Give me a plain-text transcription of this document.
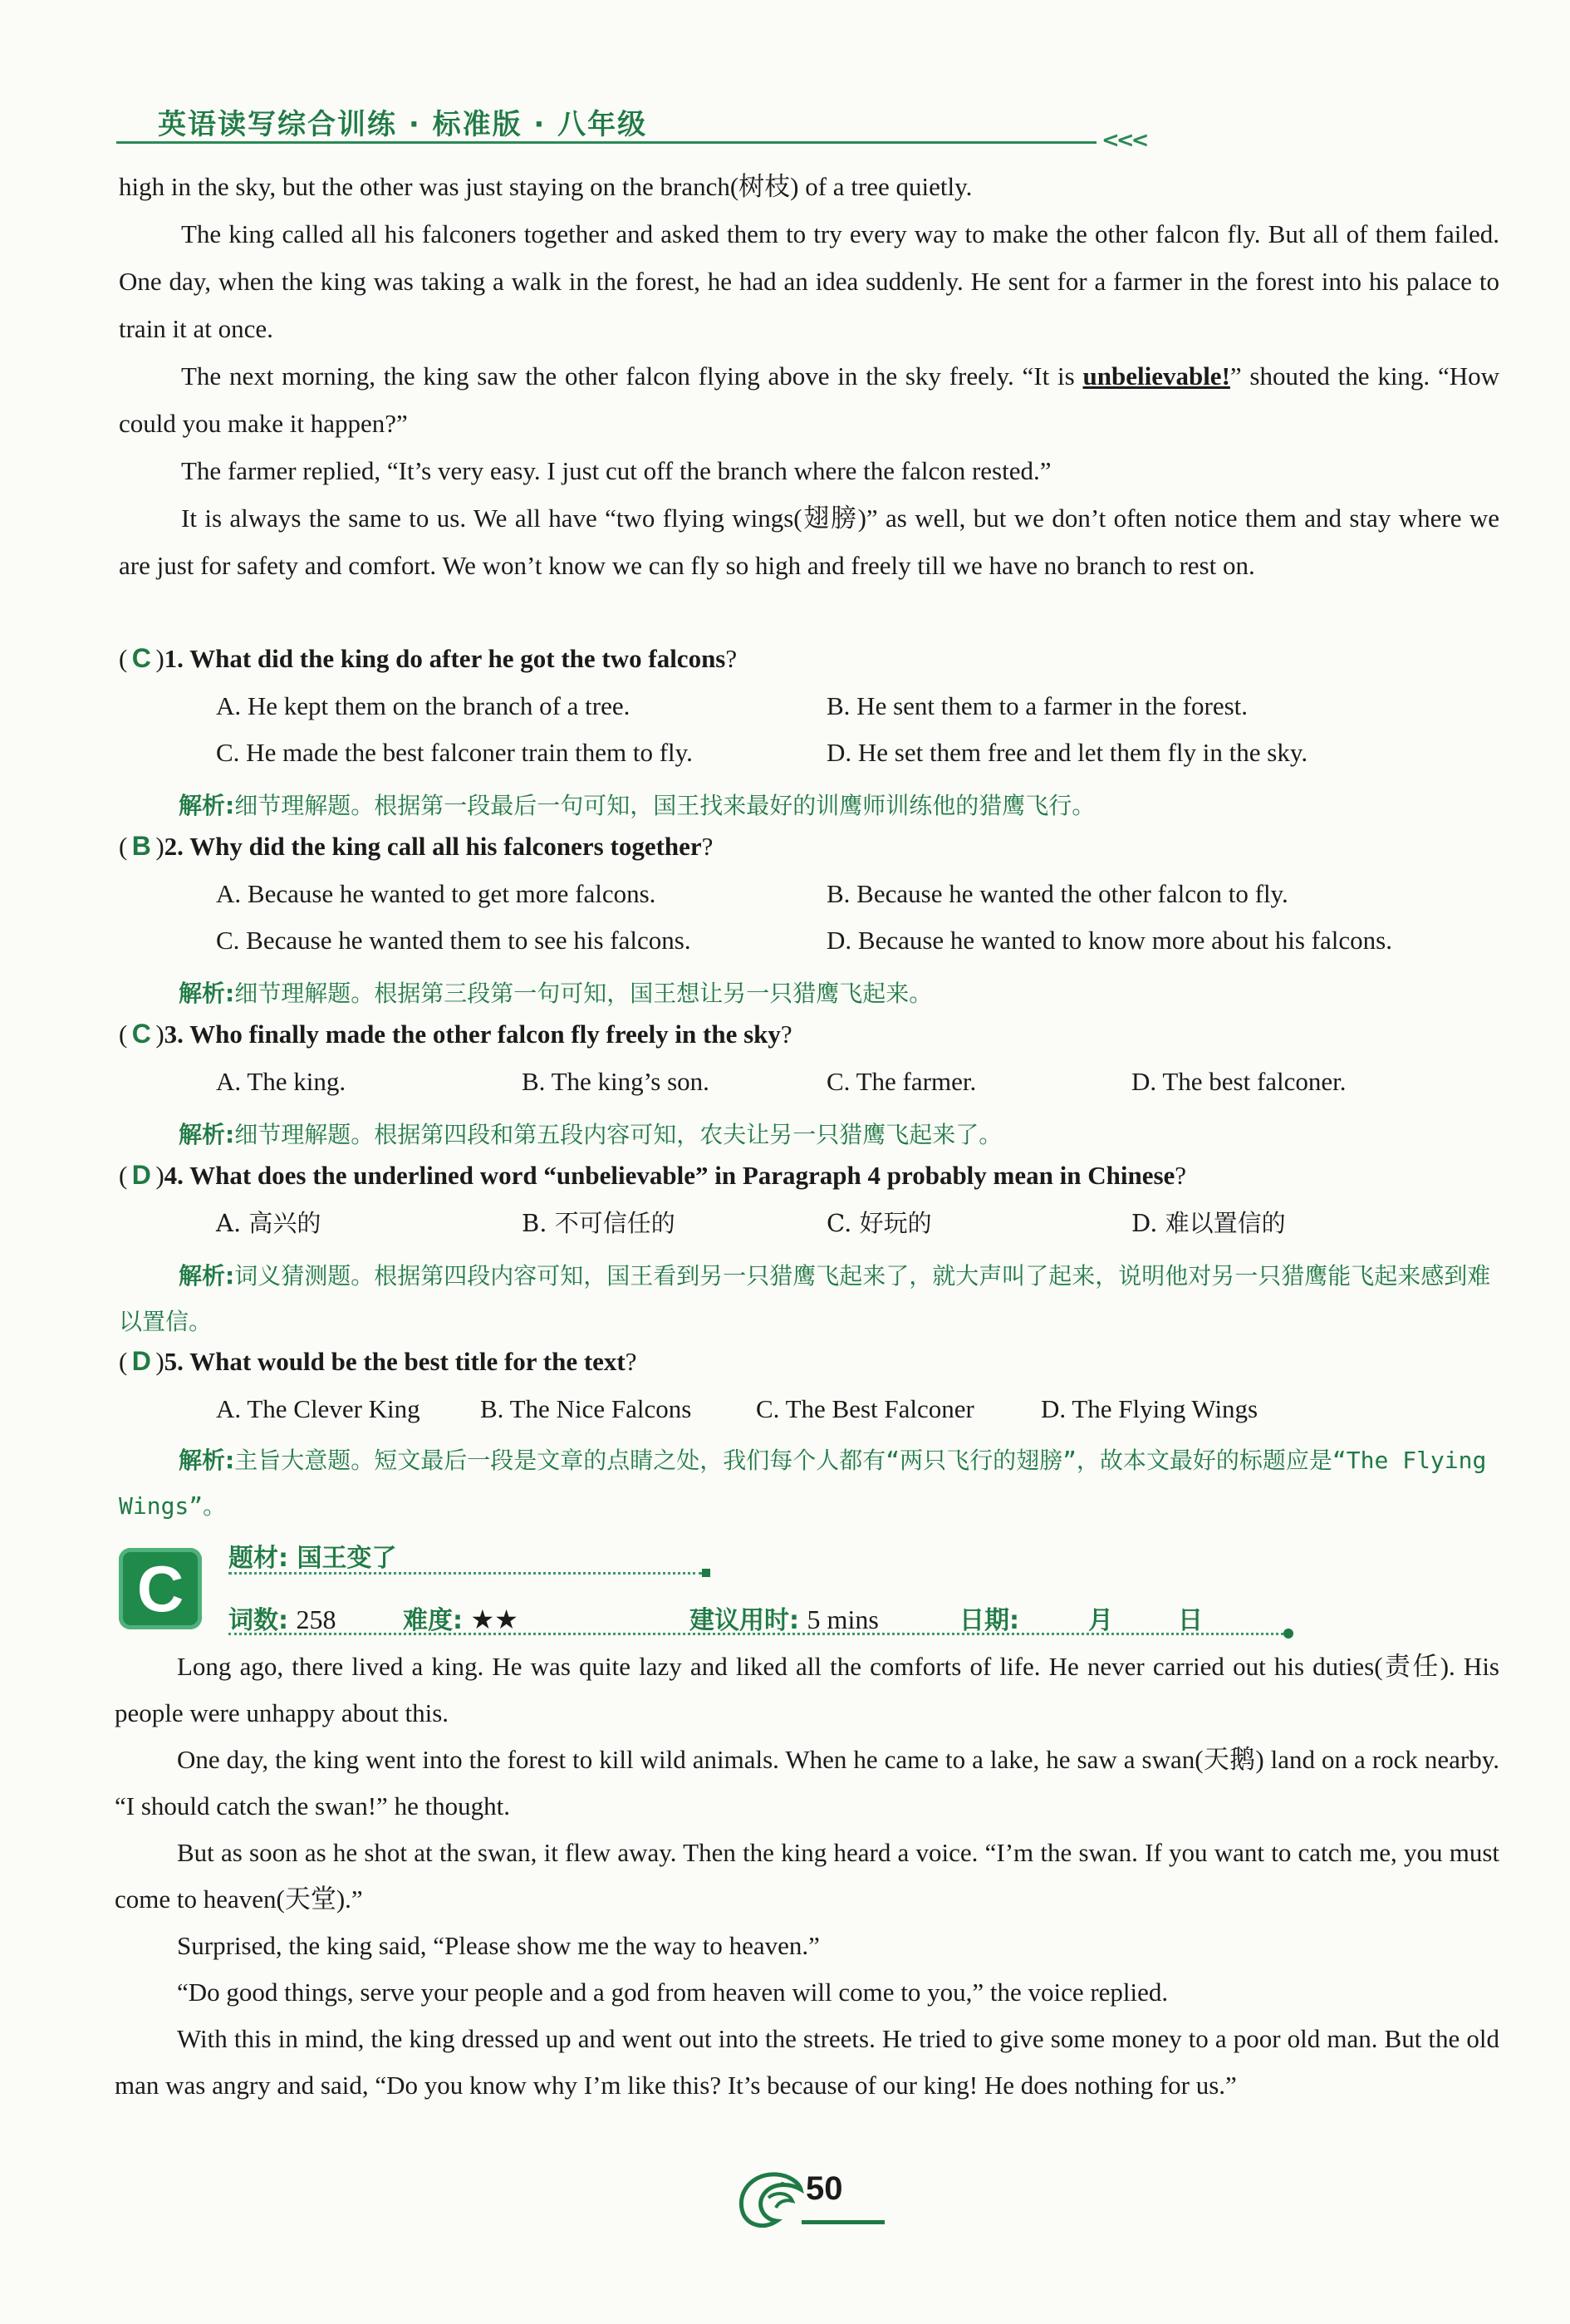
英语读写综合训练 · 标准版 · 八年级	<<<

high in the sky, but the other was just staying on the branch(树枝) of a tree quietly.

The king called all his falconers together and asked them to try every way to make the other falcon fly. But all of them failed. One day, when the king was taking a walk in the forest, he had an idea suddenly. He sent for a farmer in the forest into his palace to train it at once.

The next morning, the king saw the other falcon flying above in the sky freely. “It is unbelievable!” shouted the king. “How could you make it happen?”

The farmer replied, “It’s very easy. I just cut off the branch where the falcon rested.”

It is always the same to us. We all have “two flying wings(翅膀)” as well, but we don’t often notice them and stay where we are just for safety and comfort. We won’t know we can fly so high and freely till we have no branch to rest on.

( C )1. What did the king do after he got the two falcons?
A. He kept them on the branch of a tree.	B. He sent them to a farmer in the forest.
C. He made the best falconer train them to fly.	D. He set them free and let them fly in the sky.
解析:细节理解题。根据第一段最后一句可知，国王找来最好的训鹰师训练他的猎鹰飞行。
( B )2. Why did the king call all his falconers together?
A. Because he wanted to get more falcons.	B. Because he wanted the other falcon to fly.
C. Because he wanted them to see his falcons.	D. Because he wanted to know more about his falcons.
解析:细节理解题。根据第三段第一句可知，国王想让另一只猎鹰飞起来。
( C )3. Who finally made the other falcon fly freely in the sky?
A. The king.	B. The king’s son.	C. The farmer.	D. The best falconer.
解析:细节理解题。根据第四段和第五段内容可知，农夫让另一只猎鹰飞起来了。
( D )4. What does the underlined word “unbelievable” in Paragraph 4 probably mean in Chinese?
A. 高兴的	B. 不可信任的	C. 好玩的	D. 难以置信的
解析:词义猜测题。根据第四段内容可知，国王看到另一只猎鹰飞起来了，就大声叫了起来，说明他对另一只猎鹰能飞起来感到难以置信。
( D )5. What would be the best title for the text?
A. The Clever King B. The Nice Falcons	C. The Best Falconer	D. The Flying Wings
解析:主旨大意题。短文最后一段是文章的点睛之处，我们每个人都有“两只飞行的翅膀”，故本文最好的标题应是“The Flying Wings”。
C	题材: 国王变了
词数: 258	难度: ★★	建议用时: 5 mins	日期:	月	日

Long ago, there lived a king. He was quite lazy and liked all the comforts of life. He never carried out his duties(责任). His people were unhappy about this.

One day, the king went into the forest to kill wild animals. When he came to a lake, he saw a swan(天鹅) land on a rock nearby. “I should catch the swan!” he thought.

But as soon as he shot at the swan, it flew away. Then the king heard a voice. “I’m the swan. If you want to catch me, you must come to heaven(天堂).”

Surprised, the king said, “Please show me the way to heaven.”

“Do good things, serve your people and a god from heaven will come to you,” the voice replied.

With this in mind, the king dressed up and went out into the streets. He tried to give some money to a poor old man. But the old man was angry and said, “Do you know why I’m like this? It’s because of our king! He does nothing for us.”

50
